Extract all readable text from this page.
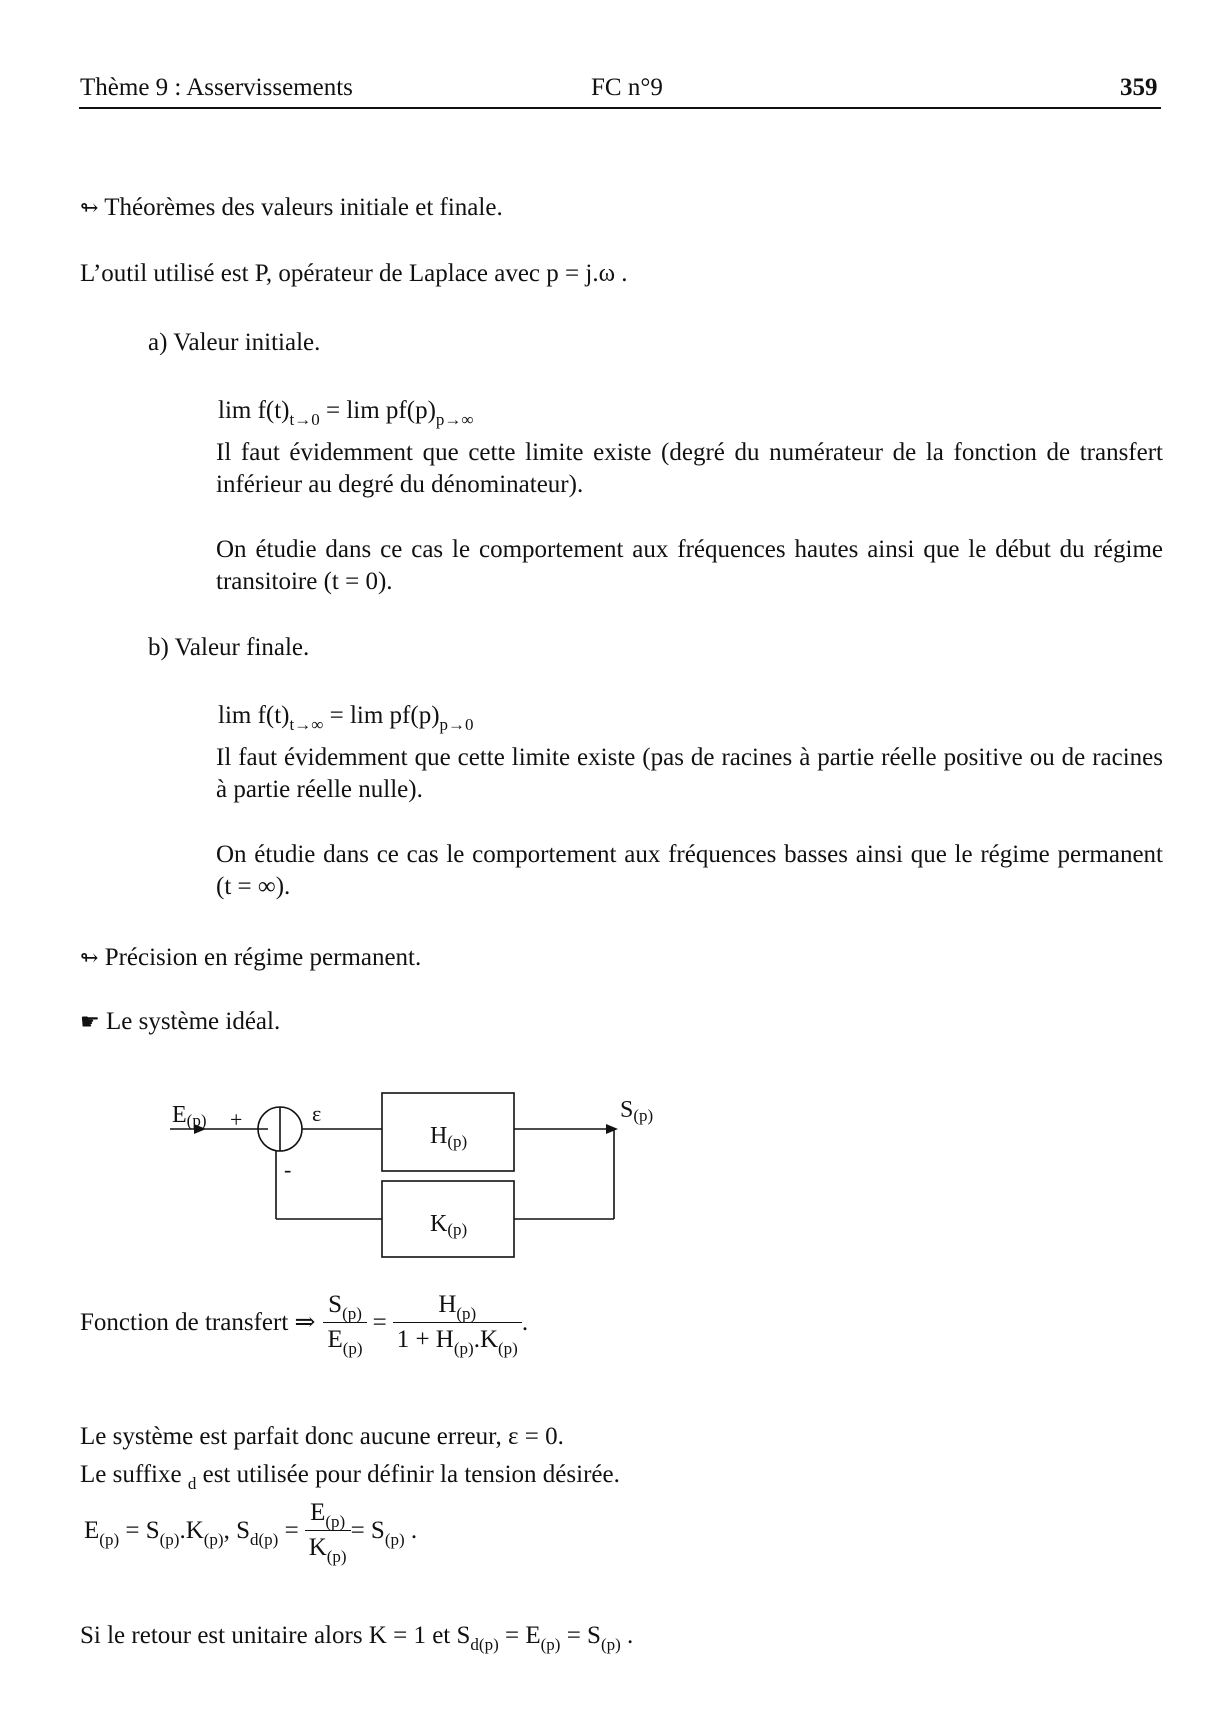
Thème 9 : Asservissements	FC n°9	359
↬ Théorèmes des valeurs initiale et finale.
L’outil utilisé est P, opérateur de Laplace avec p = j.ω .
a) Valeur initiale.
$\lim f(t)_{t\to 0} = \lim pf(p)_{p\to\infty}$
Il faut évidemment que cette limite existe (degré du numérateur de la fonction de transfert inférieur au degré du dénominateur).
On étudie dans ce cas le comportement aux fréquences hautes ainsi que le début du régime transitoire (t = 0).
b) Valeur finale.
$\lim f(t)_{t\to\infty} = \lim pf(p)_{p\to 0}$
Il faut évidemment que cette limite existe (pas de racines à partie réelle positive ou de racines à partie réelle nulle).
On étudie dans ce cas le comportement aux fréquences basses ainsi que le régime permanent (t = ∞).
↬ Précision en régime permanent.
☛ Le système idéal.
E(p) +
-
ε
H(p)
S(p)
K(p)
Fonction de transfert ⇒ $\frac{S_{(p)}}{E_{(p)}} = \frac{H_{(p)}}{1 + H_{(p)}.K_{(p)}}$ .
Le système est parfait donc aucune erreur, ε = 0.
Le suffixe $_d$ est utilisée pour définir la tension désirée.
$E_{(p)} = S_{(p)}.K_{(p)}$, $S_{d(p)} = \frac{E_{(p)}}{K_{(p)}} = S_{(p)}$ .
Si le retour est unitaire alors K = 1 et $S_{d(p)} = E_{(p)} = S_{(p)}$ .
